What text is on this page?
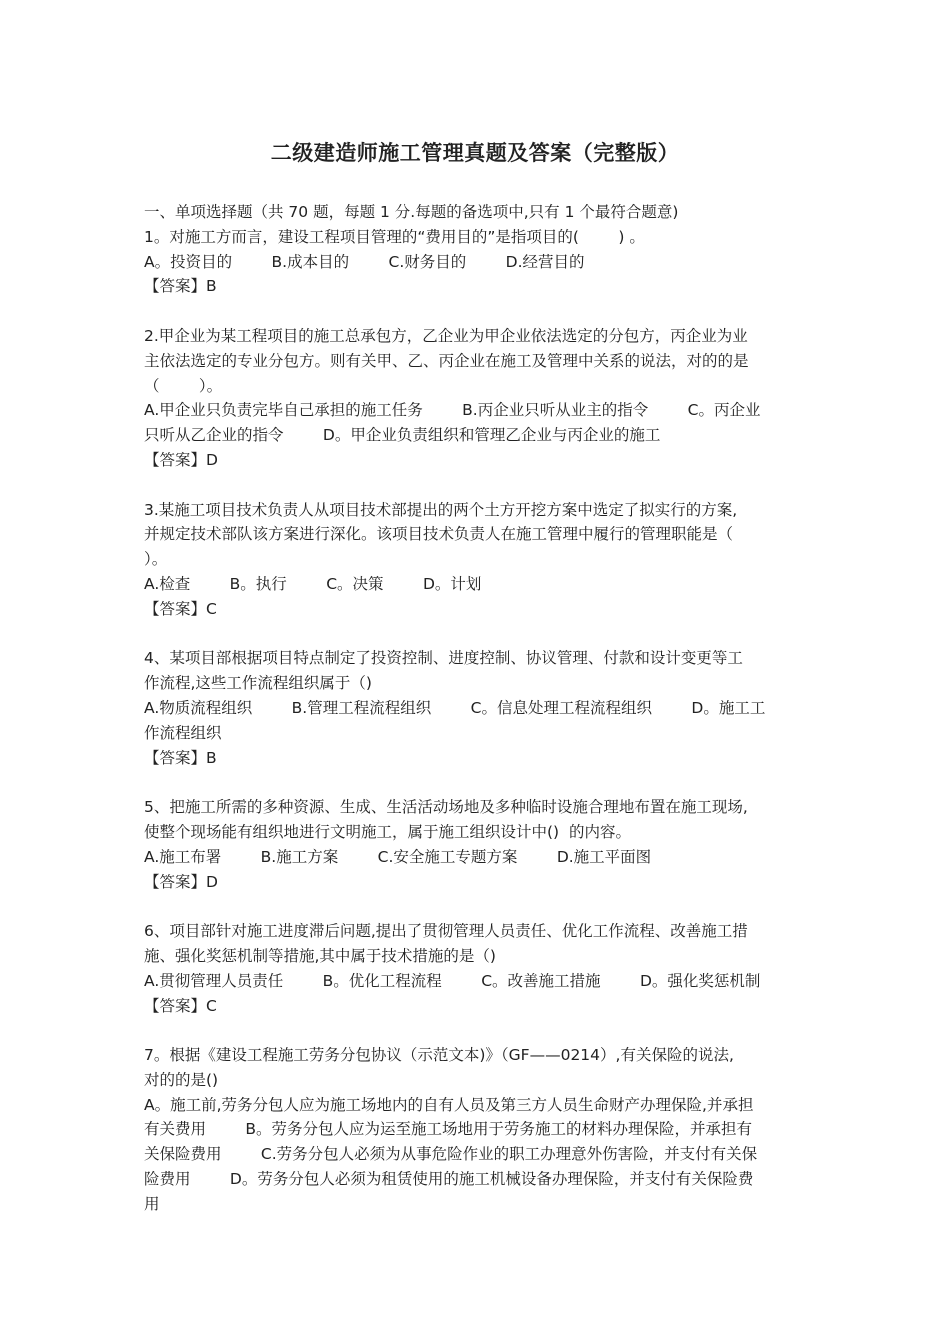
二级建造师施工管理真题及答案（完整版）
一、单项选择题（共 70 题，每题 1 分.每题的备选项中,只有 1 个最符合题意)
1。对施工方而言，建设工程项目管理的“费用目的”是指项目的(        ) 。
A。投资目的        B.成本目的        C.财务目的        D.经营目的
【答案】B
2.甲企业为某工程项目的施工总承包方，乙企业为甲企业依法选定的分包方，丙企业为业
主依法选定的专业分包方。则有关甲、乙、丙企业在施工及管理中关系的说法，对的的是
（        ）。
A.甲企业只负责完毕自己承担的施工任务        B.丙企业只听从业主的指令        C。丙企业
只听从乙企业的指令        D。甲企业负责组织和管理乙企业与丙企业的施工
【答案】D
3.某施工项目技术负责人从项目技术部提出的两个土方开挖方案中选定了拟实行的方案,
并规定技术部队该方案进行深化。该项目技术负责人在施工管理中履行的管理职能是（
）。
A.检查        B。执行        C。决策        D。计划
【答案】C
4、某项目部根据项目特点制定了投资控制、进度控制、协议管理、付款和设计变更等工
作流程,这些工作流程组织属于（)
A.物质流程组织        B.管理工程流程组织        C。信息处理工程流程组织        D。施工工
作流程组织
【答案】B
5、把施工所需的多种资源、生成、生活活动场地及多种临时设施合理地布置在施工现场,
使整个现场能有组织地进行文明施工，属于施工组织设计中()  的内容。
A.施工布署        B.施工方案        C.安全施工专题方案        D.施工平面图
【答案】D
6、项目部针对施工进度滞后问题,提出了贯彻管理人员责任、优化工作流程、改善施工措
施、强化奖惩机制等措施,其中属于技术措施的是（)
A.贯彻管理人员责任        B。优化工程流程        C。改善施工措施        D。强化奖惩机制
【答案】C
7。根据《建设工程施工劳务分包协议（示范文本)》（GF——0214）,有关保险的说法,
对的的是()
A。施工前,劳务分包人应为施工场地内的自有人员及第三方人员生命财产办理保险,并承担
有关费用        B。劳务分包人应为运至施工场地用于劳务施工的材料办理保险，并承担有
关保险费用        C.劳务分包人必须为从事危险作业的职工办理意外伤害险，并支付有关保
险费用        D。劳务分包人必须为租赁使用的施工机械设备办理保险，并支付有关保险费
用
